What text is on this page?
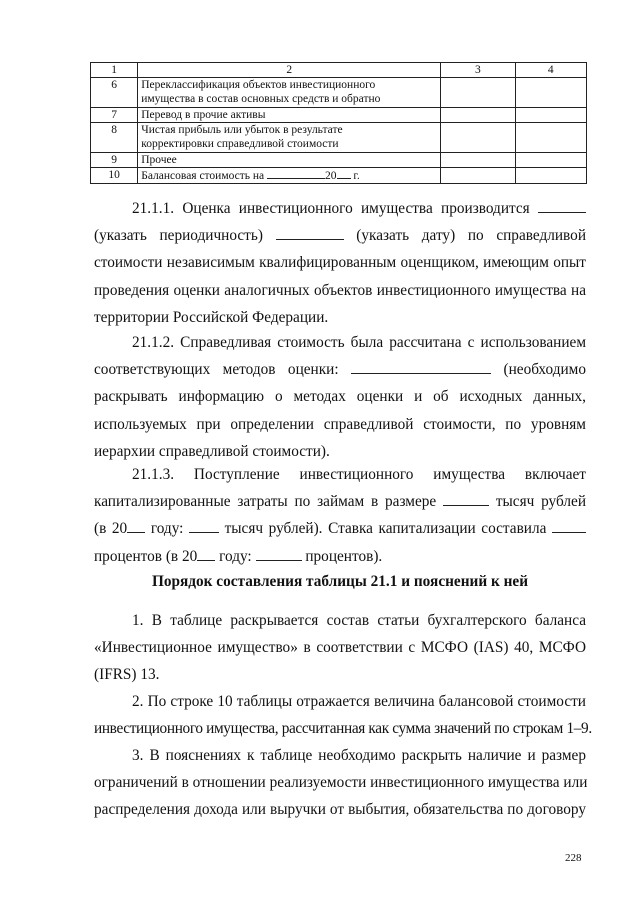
1	2	3	4
6	Переклассификация объектов инвестиционного
имущества в состав основных средств и обратно		
7	Перевод в прочие активы		
8	Чистая прибыль или убыток в результате
корректировки справедливой стоимости		
9	Прочее		
10	Балансовая стоимость на 20 г.		
21.1.1. Оценка инвестиционного имущества производится
(указать периодичность)	(указать дату) по справедливой
стоимости независимым квалифицированным оценщиком, имеющим опыт
проведения оценки аналогичных объектов инвестиционного имущества на
территории Российской Федерации.
21.1.2. Справедливая стоимость была рассчитана с использованием
соответствующих методов оценки:	(необходимо
раскрывать информацию о методах оценки и об исходных данных,
используемых при определении справедливой стоимости, по уровням
иерархии справедливой стоимости).
21.1.3. Поступление инвестиционного имущества включает
капитализированные затраты по займам в размере	тысяч рублей
(в 20 году:	тысяч рублей). Ставка капитализации составила
процентов (в 20 году:	процентов).

Порядок составления таблицы 21.1 и пояснений к ней

1. В таблице раскрывается состав статьи бухгалтерского баланса
«Инвестиционное имущество» в соответствии с МСФО (IAS) 40, МСФО
(IFRS) 13.
2. По строке 10 таблицы отражается величина балансовой стоимости
инвестиционного имущества, рассчитанная как сумма значений по строкам 1–9.
3. В пояснениях к таблице необходимо раскрыть наличие и размер
ограничений в отношении реализуемости инвестиционного имущества или
распределения дохода или выручки от выбытия, обязательства по договору
228
